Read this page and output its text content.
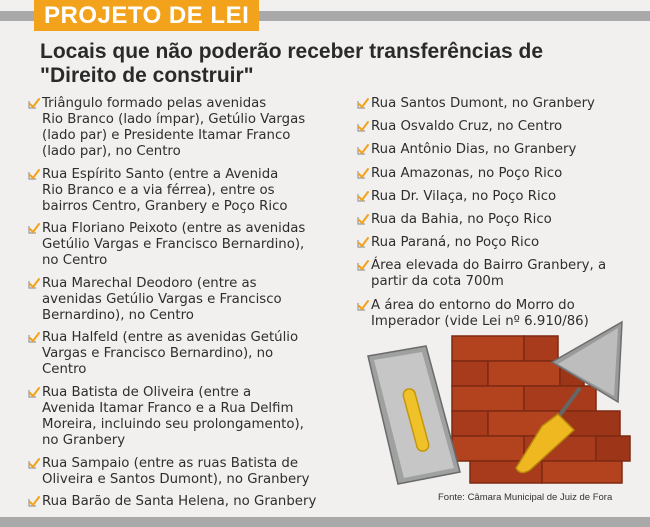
PROJETO DE LEI
Locais que não poderão receber transferências de
"Direito de construir"
Triângulo formado pelas avenidas
Rio Branco (lado ímpar), Getúlio Vargas
(lado par) e Presidente Itamar Franco
(lado par), no Centro
Rua Espírito Santo (entre a Avenida
Rio Branco e a via férrea), entre os
bairros Centro, Granbery e Poço Rico
Rua Floriano Peixoto (entre as avenidas
Getúlio Vargas e Francisco Bernardino),
no Centro
Rua Marechal Deodoro (entre as
avenidas Getúlio Vargas e Francisco
Bernardino), no Centro
Rua Halfeld (entre as avenidas Getúlio
Vargas e Francisco Bernardino), no
Centro
Rua Batista de Oliveira (entre a
Avenida Itamar Franco e a Rua Delfim
Moreira, incluindo seu prolongamento),
no Granbery
Rua Sampaio (entre as ruas Batista de
Oliveira e Santos Dumont), no Granbery
Rua Barão de Santa Helena, no Granbery
Rua Santos Dumont, no Granbery
Rua Osvaldo Cruz, no Centro
Rua Antônio Dias, no Granbery
Rua Amazonas, no Poço Rico
Rua Dr. Vilaça, no Poço Rico
Rua da Bahia, no Poço Rico
Rua Paraná, no Poço Rico
Área elevada do Bairro Granbery, a
partir da cota 700m
A área do entorno do Morro do
Imperador (vide Lei nº 6.910/86)
Fonte: Câmara Municipal de Juiz de Fora
